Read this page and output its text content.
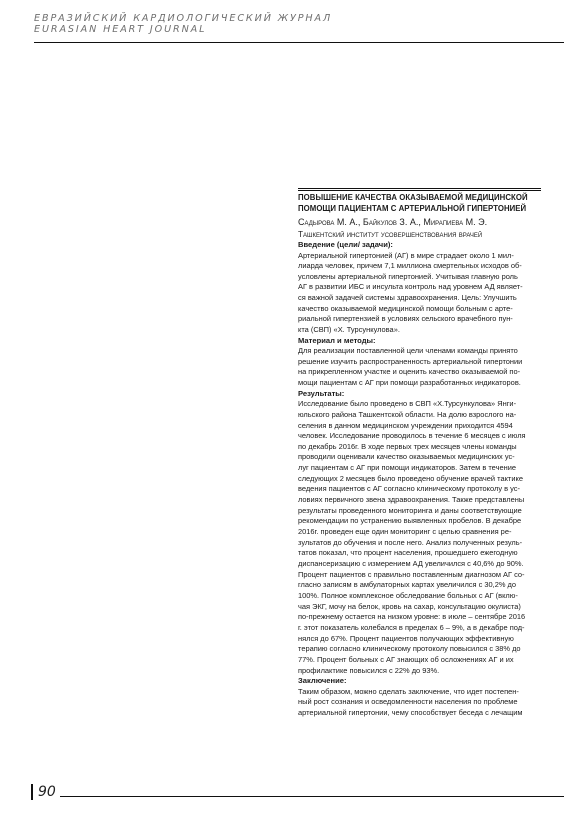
ЕВРАЗИЙСКИЙ КАРДИОЛОГИЧЕСКИЙ ЖУРНАЛ
EURASIAN HEART JOURNAL
ПОВЫШЕНИЕ КАЧЕСТВА ОКАЗЫВАЕМОЙ МЕДИЦИНСКОЙ
ПОМОЩИ ПАЦИЕНТАМ С АРТЕРИАЛЬНОЙ ГИПЕРТОНИЕЙ
Садырова М. А., Байкулов З. А., Мирапиева М. Э.
Ташкентский институт усовершенствования врачей
Введение (цели/ задачи):
Артериальной гипертонией (АГ) в мире страдает около 1 мил-
лиарда человек, причем 7,1 миллиона смертельных исходов об-
условлены артериальной гипертонией. Учитывая главную роль
АГ в развитии ИБС и инсульта контроль над уровнем АД являет-
ся важной задачей системы здравоохранения. Цель: Улучшить
качество оказываемой медицинской помощи больным с арте-
риальной гипертензией в условиях сельского врачебного пун-
кта (СВП) «Х. Турсункулова».
Материал и методы:
Для реализации поставленной цели членами команды принято
решение изучить распространенность артериальной гипертонии
на прикрепленном участке и оценить качество оказываемой по-
мощи пациентам с АГ при помощи разработанных индикаторов.
Результаты:
Исследование было проведено в СВП «Х.Турсункулова» Янги-
юльского района Ташкентской области. На долю взрослого на-
селения в данном медицинском учреждении приходится 4594
человек. Исследование проводилось в течение 6 месяцев с июля
по декабрь 2016г. В ходе первых трех месяцев члены команды
проводили оценивали качество оказываемых медицинских ус-
луг пациентам с АГ при помощи индикаторов. Затем в течение
следующих 2 месяцев было проведено обучение врачей тактике
ведения пациентов с АГ согласно клиническому протоколу в ус-
ловиях первичного звена здравоохранения. Также представлены
результаты проведенного мониторинга и даны соответствующие
рекомендации по устранению выявленных пробелов. В декабре
2016г. проведен еще один мониторинг с целью сравнения ре-
зультатов до обучения и после него. Анализ полученных резуль-
татов показал, что процент населения, прошедшего ежегодную
диспансеризацию с измерением АД увеличился с 40,6% до 90%.
Процент пациентов с правильно поставленным диагнозом АГ со-
гласно записям в амбулаторных картах увеличился с 30,2% до
100%. Полное комплексное обследование больных с АГ (вклю-
чая ЭКГ, мочу на белок, кровь на сахар, консультацию окулиста)
по-прежнему остается на низком уровне: в июле – сентябре 2016
г. этот показатель колебался в пределах 6 – 9%, а в декабре под-
нялся до 67%. Процент пациентов получающих эффективную
терапию согласно клиническому протоколу повысился с 38% до
77%. Процент больных с АГ знающих об осложнениях АГ и их
профилактике повысился с 22% до 93%.
Заключение:
Таким образом, можно сделать заключение, что идет постепен-
ный рост сознания и осведомленности населения по проблеме
артериальной гипертонии, чему способствует беседа с лечащим
90
